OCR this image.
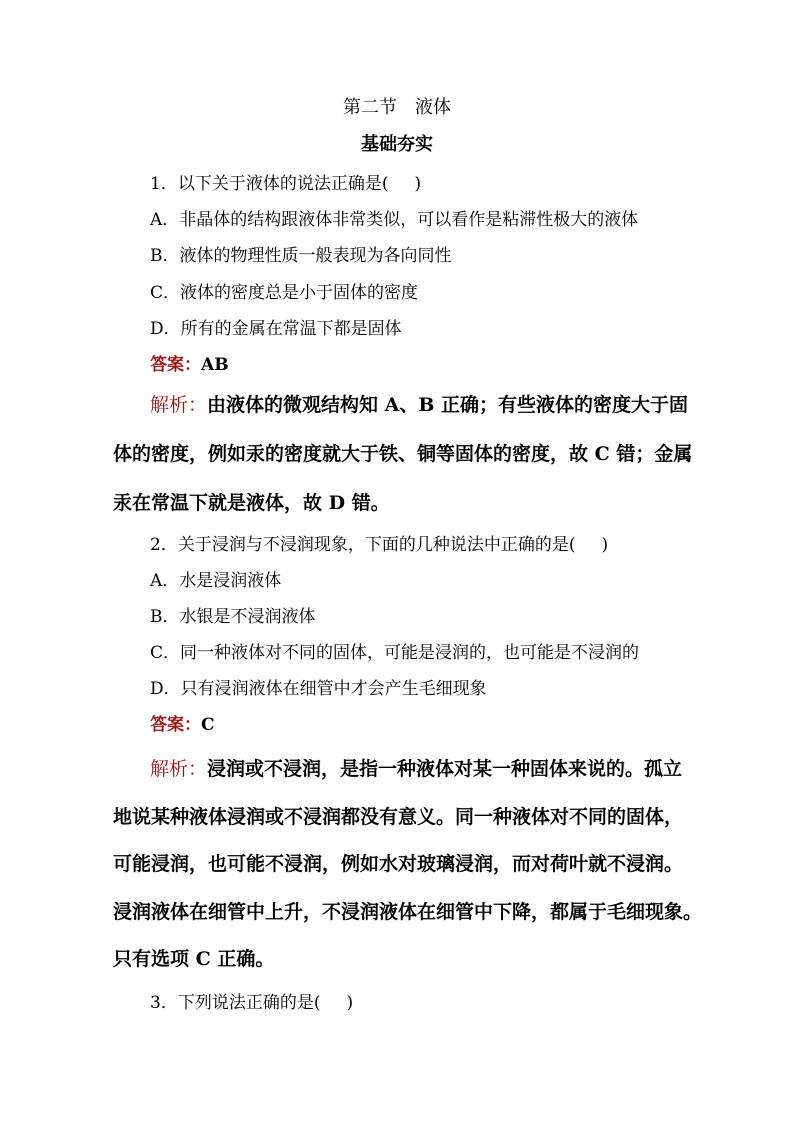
第二节　液体
基础夯实
1．以下关于液体的说法正确是( )
A．非晶体的结构跟液体非常类似，可以看作是粘滞性极大的液体
B．液体的物理性质一般表现为各向同性
C．液体的密度总是小于固体的密度
D．所有的金属在常温下都是固体
答案：AB
解析：由液体的微观结构知 A、B 正确；有些液体的密度大于固
体的密度，例如汞的密度就大于铁、铜等固体的密度，故 C 错；金属
汞在常温下就是液体，故 D 错。
2．关于浸润与不浸润现象，下面的几种说法中正确的是( )
A．水是浸润液体
B．水银是不浸润液体
C．同一种液体对不同的固体，可能是浸润的，也可能是不浸润的
D．只有浸润液体在细管中才会产生毛细现象
答案：C
解析：浸润或不浸润，是指一种液体对某一种固体来说的。孤立
地说某种液体浸润或不浸润都没有意义。同一种液体对不同的固体，
可能浸润，也可能不浸润，例如水对玻璃浸润，而对荷叶就不浸润。
浸润液体在细管中上升，不浸润液体在细管中下降，都属于毛细现象。
只有选项 C 正确。
3．下列说法正确的是( )
